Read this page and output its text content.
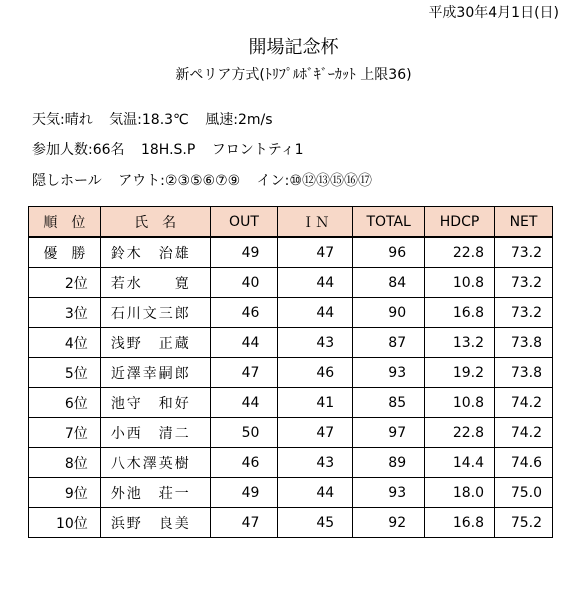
平成30年4月1日(日)
開場記念杯
新ペリア方式(ﾄﾘﾌﾟﾙﾎﾞｷﾞｰｶｯﾄ 上限36)
天気:晴れ 気温:18.3℃ 風速:2m/s
参加人数:66名 18H.S.P フロントティ1
隠しホール アウト:②③⑤⑥⑦⑨ イン:⑩⑫⑬⑮⑯⑰
順　位	氏　名	OUT	ＩＮ	TOTAL	HDCP	NET
優　勝	鈴木　治雄	49	47	96	22.8	73.2
2位	若水　　寛	40	44	84	10.8	73.2
3位	石川文三郎	46	44	90	16.8	73.2
4位	浅野　正蔵	44	43	87	13.2	73.8
5位	近澤幸嗣郎	47	46	93	19.2	73.8
6位	池守　和好	44	41	85	10.8	74.2
7位	小西　清二	50	47	97	22.8	74.2
8位	八木澤英樹	46	43	89	14.4	74.6
9位	外池　荘一	49	44	93	18.0	75.0
10位	浜野　良美	47	45	92	16.8	75.2
